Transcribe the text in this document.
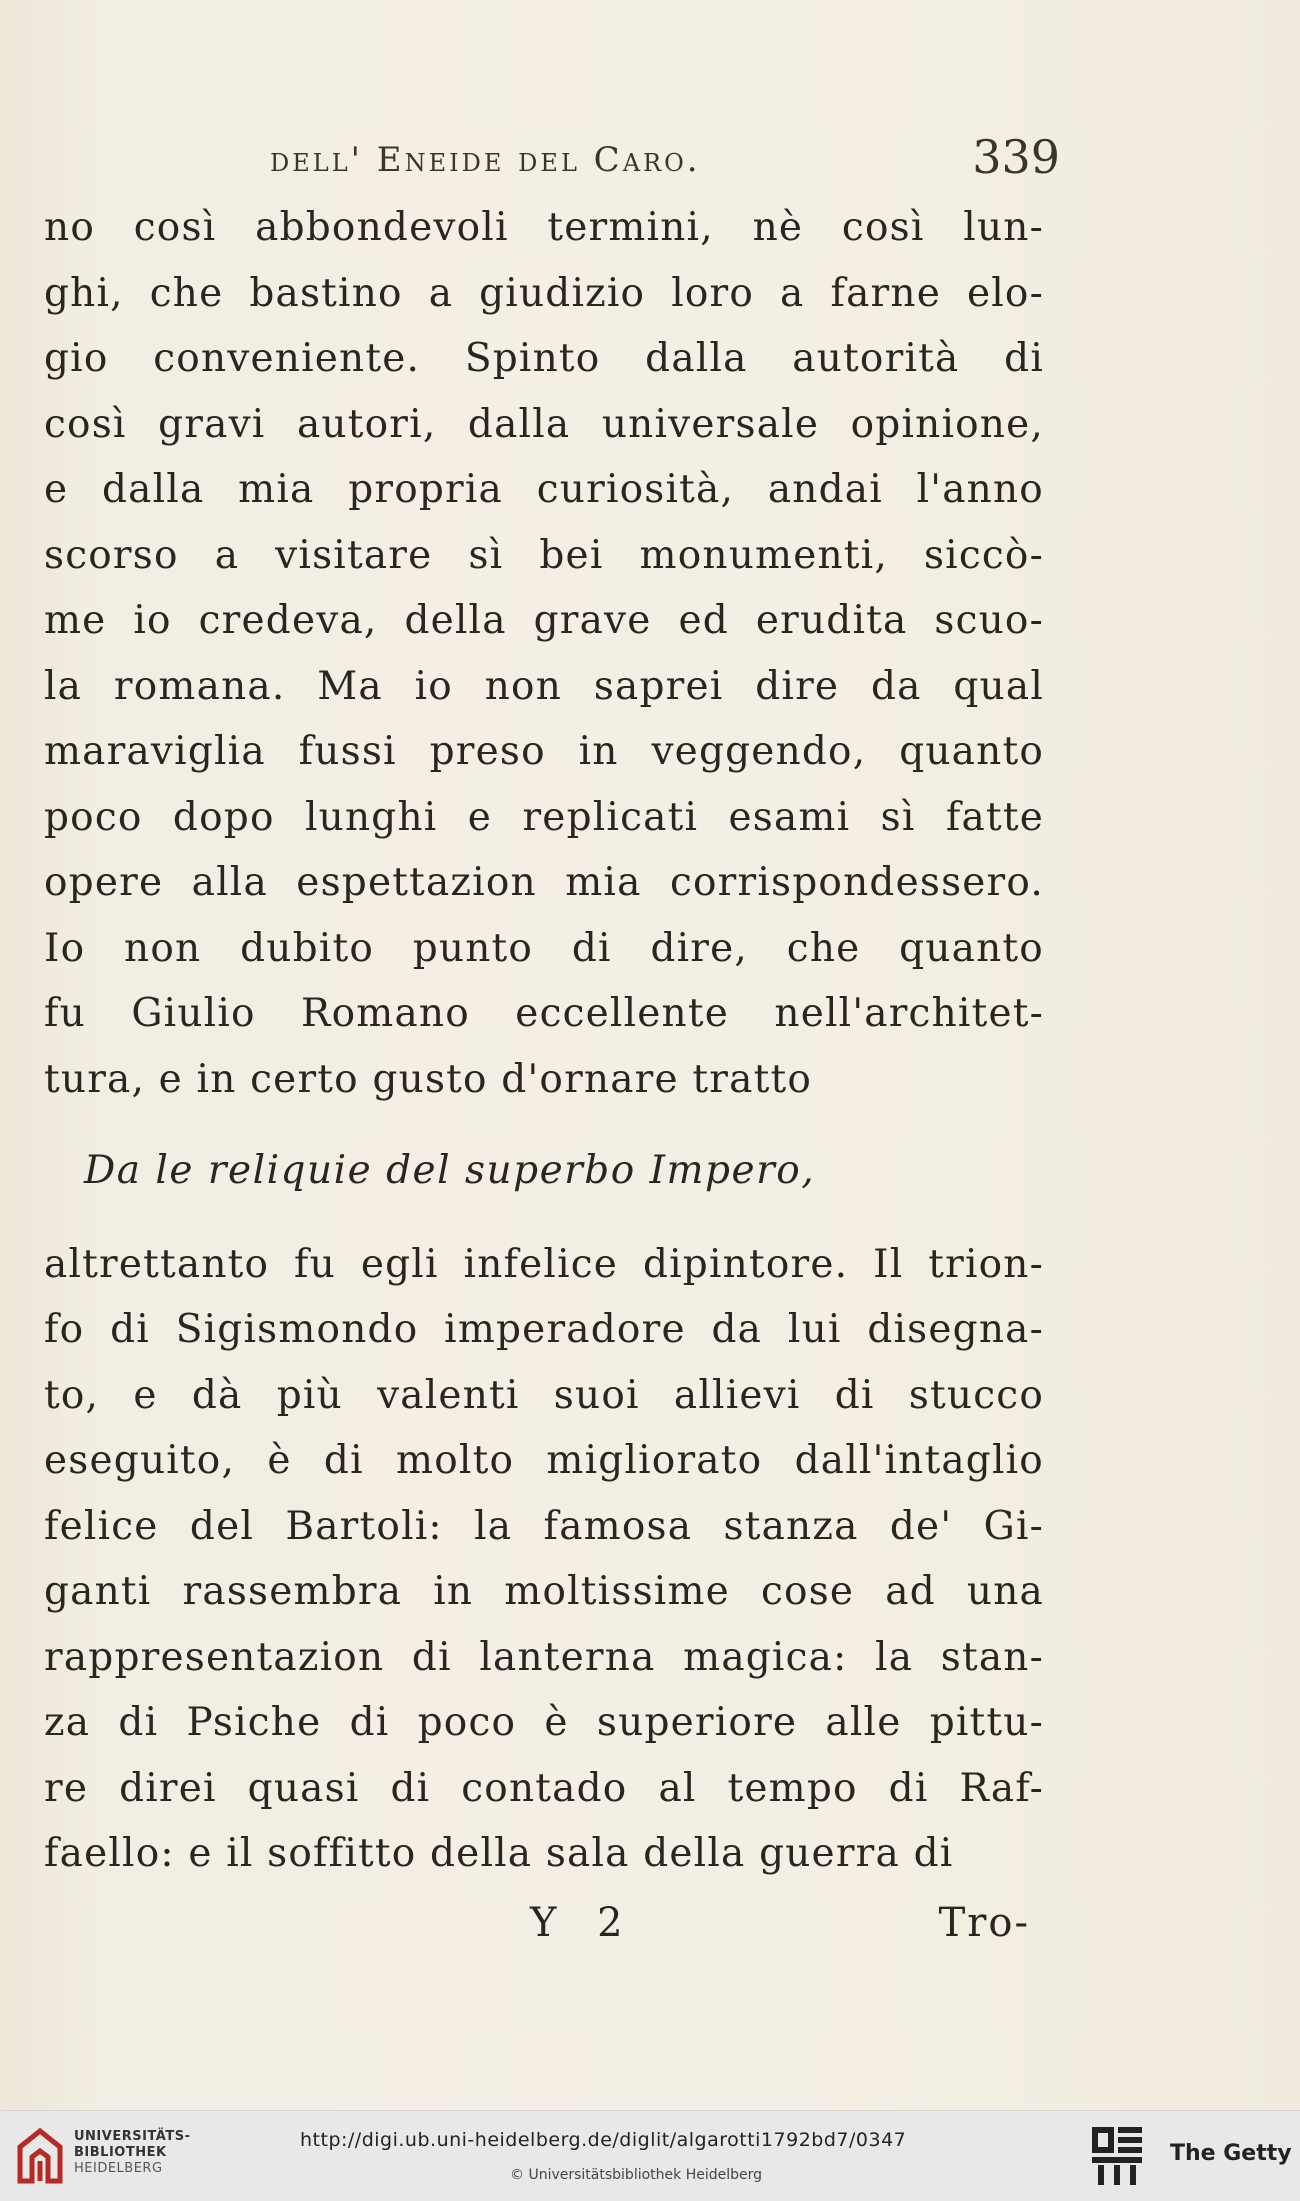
dell' Eneide del Caro.	339
no così abbondevoli termini, nè così lun-
ghi, che bastino a giudizio loro a farne elo-
gio conveniente. Spinto dalla autorità di
così gravi autori, dalla universale opinione,
e dalla mia propria curiosità, andai l'anno
scorso a visitare sì bei monumenti, siccò-
me io credeva, della grave ed erudita scuo-
la romana. Ma io non saprei dire da qual
maraviglia fussi preso in veggendo, quanto
poco dopo lunghi e replicati esami sì fatte
opere alla espettazion mia corrispondessero.
Io non dubito punto di dire, che quanto
fu Giulio Romano eccellente nell'architet-
tura, e in certo gusto d'ornare tratto
Da le reliquie del superbo Impero,
altrettanto fu egli infelice dipintore. Il trion-
fo di Sigismondo imperadore da lui disegna-
to, e dà più valenti suoi allievi di stucco
eseguito, è di molto migliorato dall'intaglio
felice del Bartoli: la famosa stanza de' Gi-
ganti rassembra in moltissime cose ad una
rappresentazion di lanterna magica: la stan-
za di Psiche di poco è superiore alle pittu-
re direi quasi di contado al tempo di Raf-
faello: e il soffitto della sala della guerra di
Y 2	Tro-
UNIVERSITÄTS-
BIBLIOTHEK
HEIDELBERG
http://digi.ub.uni-heidelberg.de/diglit/algarotti1792bd7/0347
© Universitätsbibliothek Heidelberg
The Getty
